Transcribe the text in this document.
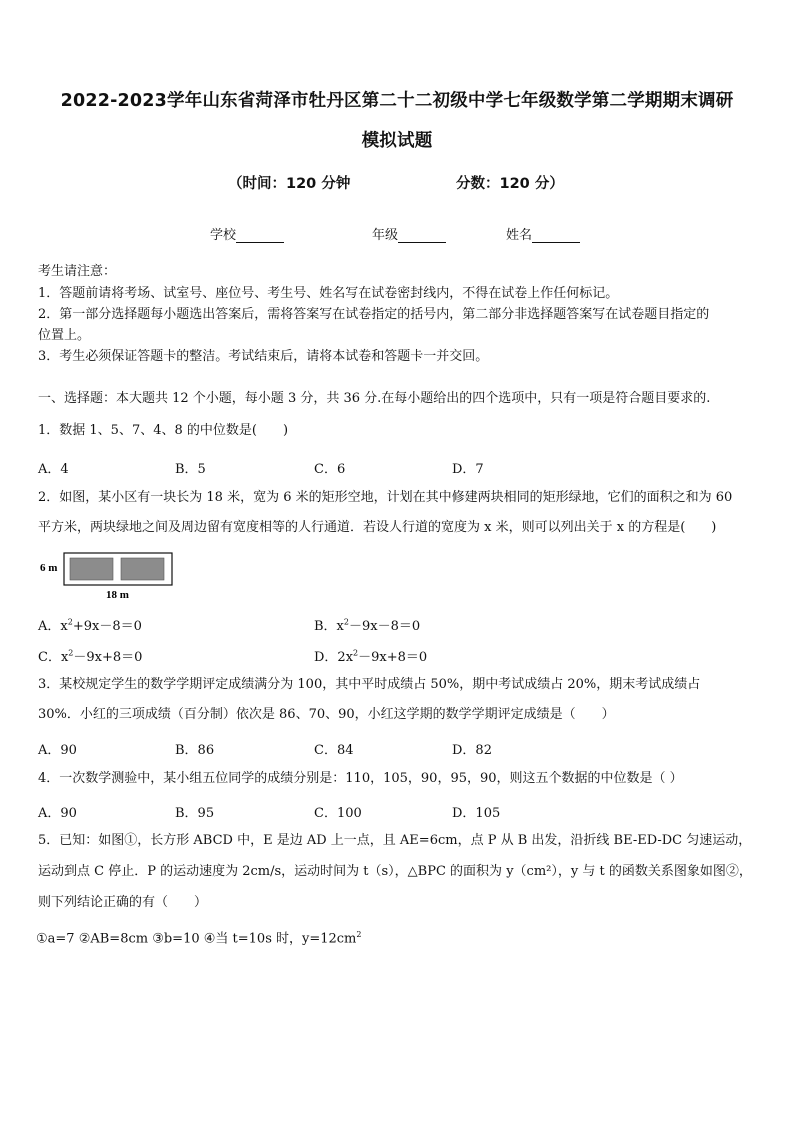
2022-2023学年山东省菏泽市牡丹区第二十二初级中学七年级数学第二学期期末调研
模拟试题
（时间：120 分钟	分数：120 分）
学校	年级	姓名
考生请注意：
1．答题前请将考场、试室号、座位号、考生号、姓名写在试卷密封线内，不得在试卷上作任何标记。
2．第一部分选择题每小题选出答案后，需将答案写在试卷指定的括号内，第二部分非选择题答案写在试卷题目指定的
位置上。
3．考生必须保证答题卡的整洁。考试结束后，请将本试卷和答题卡一并交回。
一、选择题：本大题共 12 个小题，每小题 3 分，共 36 分.在每小题给出的四个选项中，只有一项是符合题目要求的.
1．数据 1、5、7、4、8 的中位数是(　　)
A．4	B．5	C．6	D．7
2．如图，某小区有一块长为 18 米，宽为 6 米的矩形空地，计划在其中修建两块相同的矩形绿地，它们的面积之和为 60
平方米，两块绿地之间及周边留有宽度相等的人行通道．若设人行道的宽度为 x 米，则可以列出关于 x 的方程是(　　)
6 m
18 m
A．$x^2+9x-8=0$	B．$x^2-9x-8=0$
C．$x^2-9x+8=0$	D．$2x^2-9x+8=0$
3．某校规定学生的数学学期评定成绩满分为 100，其中平时成绩占 50%，期中考试成绩占 20%，期末考试成绩占
30%．小红的三项成绩（百分制）依次是 86、70、90，小红这学期的数学学期评定成绩是（　　）
A．90	B．86	C．84	D．82
4．一次数学测验中，某小组五位同学的成绩分别是：110，105，90，95，90，则这五个数据的中位数是（ ）
A．90	B．95	C．100	D．105
5．已知：如图①，长方形 ABCD 中，E 是边 AD 上一点，且 AE=6cm，点 P 从 B 出发，沿折线 BE-ED-DC 匀速运动，
运动到点 C 停止．P 的运动速度为 2cm/s，运动时间为 t（s），△BPC 的面积为 y（cm²），y 与 t 的函数关系图象如图②，
则下列结论正确的有（　　）
①a=7 ②AB=8cm ③b=10 ④当 t=10s 时，$y=12cm^2$
